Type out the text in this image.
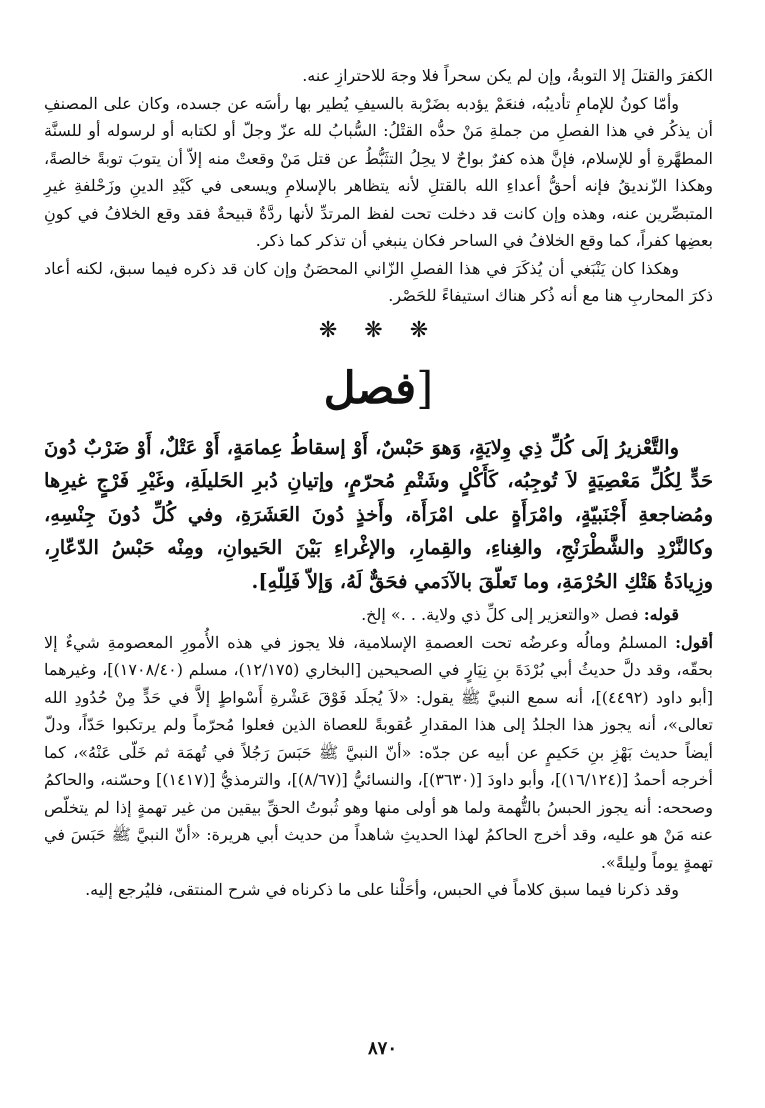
الكفرَ والقتلَ إلا التوبةُ، وإن لم يكن سحراً فلا وجهَ للاحترازِ عنه.

وأمّا كونُ للإمامِ تأديبُه، فنعَمْ يؤدبه بضَرْبة بالسيفِ يُطير بها رأسَه عن جسده، وكان على المصنفِ أن يذكُر في هذا الفصلِ من جملةِ مَنْ حدُّه القتْلُ: السُّبابُ لله عزّ وجلّ أو لكتابه أو لرسوله أو للسنَّة المطهَّرةِ أو للإسلام، فإنَّ هذه كفرٌ بواحٌ لا يحِلُ التثَبُّطُ عن قتل مَنْ وقعتْ منه إلاّ أن يتوبَ توبةً خالصةً، وهكذا الزّنديقُ فإنه أحقُّ أعداءِ الله بالقتلِ لأنه يتظاهر بالإسلامِ ويسعى في كَيْدِ الدينِ وزَحْلفةِ غيرِ المتبصِّرين عنه، وهذه وإن كانت قد دخلت تحت لفظ المرتدِّ لأنها ردَّةٌ قبيحةٌ فقد وقع الخلافُ في كونِ بعضِها كفراً، كما وقع الخلافُ في الساحر فكان ينبغي أن تذكر كما ذكر.

وهكذا كان يَنْبَغي أن يُذكَرَ في هذا الفصلِ الزّاني المحصَنُ وإن كان قد ذكره فيما سبق، لكنه أعاد ذكرَ المحاربِ هنا مع أنه ذُكر هناك استيفاءً للحَصْر.

❋ ❋ ❋
[فصل

والتَّعْزيرُ إلَى كُلِّ ذِي وِلايَةٍ، وَهوَ حَبْسٌ، أَوْ إسقاطُ عِمامَةٍ، أَوْ عَتْلٌ، أَوْ ضَرْبٌ دُونَ حَدٍّ لِكُلِّ مَعْصِيَةٍ لاَ تُوجِبُه، كَأَكْلٍ وشَتْمِ مُحرّمٍ، وإتيانِ دُبرِ الحَليلَةِ، وغَيْرِ فَرْجٍ غيرِها ومُضاجعةِ أَجْنَبيّةٍ، وامْرَأَةٍ على امْرَأَة، وأَخذٍ دُونَ العَشَرَةِ، وفي كُلِّ دُونَ جِنْسِهِ، وكالنَّرْدِ والشَّطْرَنْجِ، والغِناءِ، والقِمارِ، والإغْراءِ بَيْنَ الحَيوانِ، ومِنْه حَبْسُ الدّعّارِ، وزِيادَةُ هَتْكِ الحُرْمَةِ، وما تَعلّقَ بالآدَمي فحَقٌّ لَهُ، وَإلاّ فَلِلّهِ].

قوله: فصل «والتعزير إلى كلِّ ذي ولاية. . .» إلخ.

أقول: المسلمُ ومالُه وعرضُه تحت العصمةِ الإسلامية، فلا يجوز في هذه الأُمورِ المعصومةِ شيءٌ إلا بحقّه، وقد دلَّ حديثُ أبي بُرْدَةَ بنِ نِيَارٍ في الصحيحين [البخاري (١٢/١٧٥)، مسلم (١٧٠٨/٤٠)]، وغيرهما [أبو داود (٤٤٩٢)]، أنه سمع النبيَّ ﷺ يقول: «لاَ يُجلَد فَوْقَ عَشْرةِ أَسْواطٍ إلاَّ في حَدٍّ مِنْ حُدُودِ الله تعالى»، أنه يجوز هذا الجلدُ إلى هذا المقدارِ عُقوبةً للعصاة الذين فعلوا مُحرّماً ولم يرتكبوا حَدّاً، ودلّ أيضاً حديث بَهْزِ بنِ حَكيمٍ عن أبيه عن جدّه: «أنّ النبيَّ ﷺ حَبَسَ رَجُلاً في تُهمَة ثم خَلّى عَنْهُ»، كما أخرجه أحمدُ [(١٦/١٢٤)]، وأبو داودَ [(٣٦٣٠)]، والنسائيُّ [(٨/٦٧)]، والترمذيُّ [(١٤١٧)] وحسّنه، والحاكمُ وصححه: أنه يجوز الحبسُ بالتُّهمة ولما هو أولى منها وهو ثُبوتُ الحقِّ بيقين من غير تهمةٍ إذا لم يتخلّص عنه مَنْ هو عليه، وقد أخرج الحاكمُ لهذا الحديثِ شاهداً من حديث أبي هريرة: «أنّ النبيَّ ﷺ حَبَسَ في تهمةٍ يوماً وليلةً».

وقد ذكرنا فيما سبق كلاماً في الحبس، وأحَلْنا على ما ذكرناه في شرح المنتقى، فليُرجع إليه.

٨٧٠
